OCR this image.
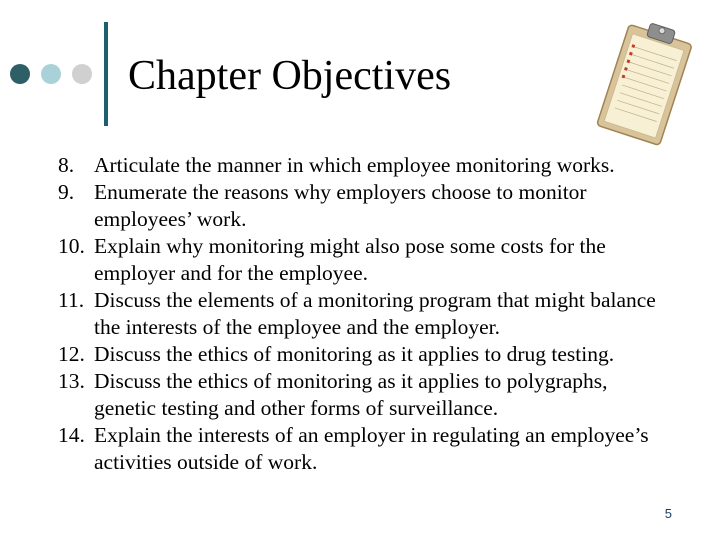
Chapter Objectives
8. Articulate the manner in which employee monitoring works.
9. Enumerate the reasons why employers choose to monitor employees’ work.
10. Explain why monitoring might also pose some costs for the employer and for the employee.
11. Discuss the elements of a monitoring program that might balance the interests of the employee and the employer.
12. Discuss the ethics of monitoring as it applies to drug testing.
13. Discuss the ethics of monitoring as it applies to polygraphs, genetic testing and other forms of surveillance.
14. Explain the interests of an employer in regulating an employee’s activities outside of work.
5
